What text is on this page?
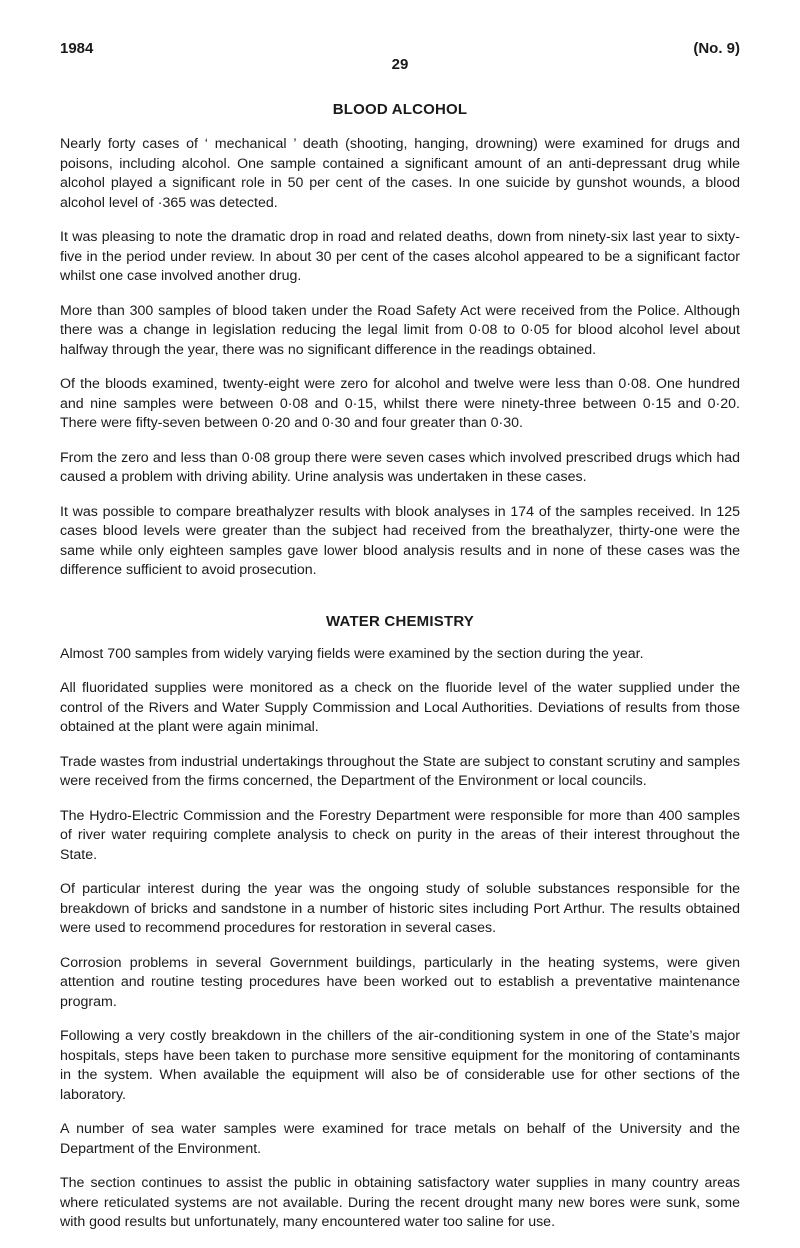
1984	(No. 9)
29
BLOOD ALCOHOL

Nearly forty cases of ‘ mechanical ’ death (shooting, hanging, drowning) were examined for drugs and poisons, including alcohol. One sample contained a significant amount of an anti-depressant drug while alcohol played a significant role in 50 per cent of the cases. In one suicide by gunshot wounds, a blood alcohol level of ·365 was detected.

It was pleasing to note the dramatic drop in road and related deaths, down from ninety-six last year to sixty-five in the period under review. In about 30 per cent of the cases alcohol appeared to be a significant factor whilst one case involved another drug.

More than 300 samples of blood taken under the Road Safety Act were received from the Police. Although there was a change in legislation reducing the legal limit from 0·08 to 0·05 for blood alcohol level about halfway through the year, there was no significant difference in the readings obtained.

Of the bloods examined, twenty-eight were zero for alcohol and twelve were less than 0·08. One hundred and nine samples were between 0·08 and 0·15, whilst there were ninety-three between 0·15 and 0·20. There were fifty-seven between 0·20 and 0·30 and four greater than 0·30.

From the zero and less than 0·08 group there were seven cases which involved prescribed drugs which had caused a problem with driving ability. Urine analysis was undertaken in these cases.

It was possible to compare breathalyzer results with blook analyses in 174 of the samples received. In 125 cases blood levels were greater than the subject had received from the breathalyzer, thirty-one were the same while only eighteen samples gave lower blood analysis results and in none of these cases was the difference sufficient to avoid prosecution.

WATER CHEMISTRY

Almost 700 samples from widely varying fields were examined by the section during the year.

All fluoridated supplies were monitored as a check on the fluoride level of the water supplied under the control of the Rivers and Water Supply Commission and Local Authorities. Deviations of results from those obtained at the plant were again minimal.

Trade wastes from industrial undertakings throughout the State are subject to constant scrutiny and samples were received from the firms concerned, the Department of the Environment or local councils.

The Hydro-Electric Commission and the Forestry Department were responsible for more than 400 samples of river water requiring complete analysis to check on purity in the areas of their interest throughout the State.

Of particular interest during the year was the ongoing study of soluble substances responsible for the breakdown of bricks and sandstone in a number of historic sites including Port Arthur. The results obtained were used to recommend procedures for restoration in several cases.

Corrosion problems in several Government buildings, particularly in the heating systems, were given attention and routine testing procedures have been worked out to establish a preventative maintenance program.

Following a very costly breakdown in the chillers of the air-conditioning system in one of the State’s major hospitals, steps have been taken to purchase more sensitive equipment for the monitoring of contaminants in the system. When available the equipment will also be of considerable use for other sections of the laboratory.

A number of sea water samples were examined for trace metals on behalf of the University and the Department of the Environment.

The section continues to assist the public in obtaining satisfactory water supplies in many country areas where reticulated systems are not available. During the recent drought many new bores were sunk, some with good results but unfortunately, many encountered water too saline for use.
